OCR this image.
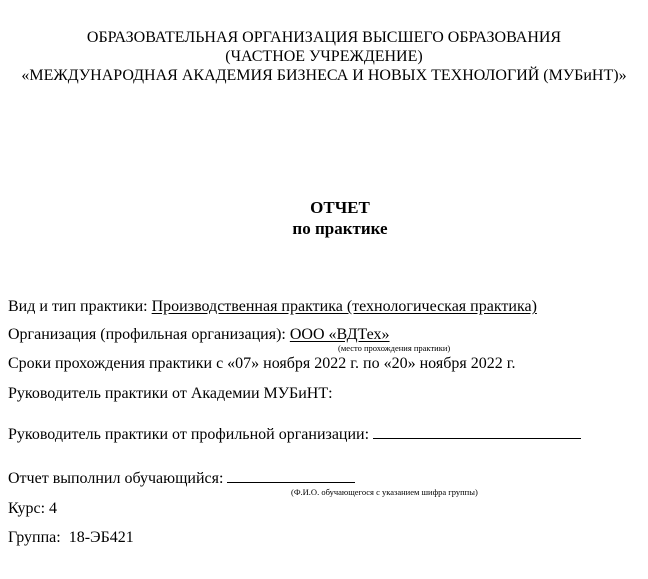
ОБРАЗОВАТЕЛЬНАЯ ОРГАНИЗАЦИЯ ВЫСШЕГО ОБРАЗОВАНИЯ
(ЧАСТНОЕ УЧРЕЖДЕНИЕ)
«МЕЖДУНАРОДНАЯ АКАДЕМИЯ БИЗНЕСА И НОВЫХ ТЕХНОЛОГИЙ (МУБиНТ)»
ОТЧЕТ
по практике
Вид и тип практики: Производственная практика (технологическая практика)
Организация (профильная организация): ООО «ВДТех»
(место прохождения практики)
Сроки прохождения практики с «07» ноября 2022 г. по «20» ноября 2022 г.
Руководитель практики от Академии МУБиНТ:
Руководитель практики от профильной организации:
Отчет выполнил обучающийся:
(Ф.И.О. обучающегося с указанием шифра группы)
Курс: 4
Группа:  18-ЭБ421
